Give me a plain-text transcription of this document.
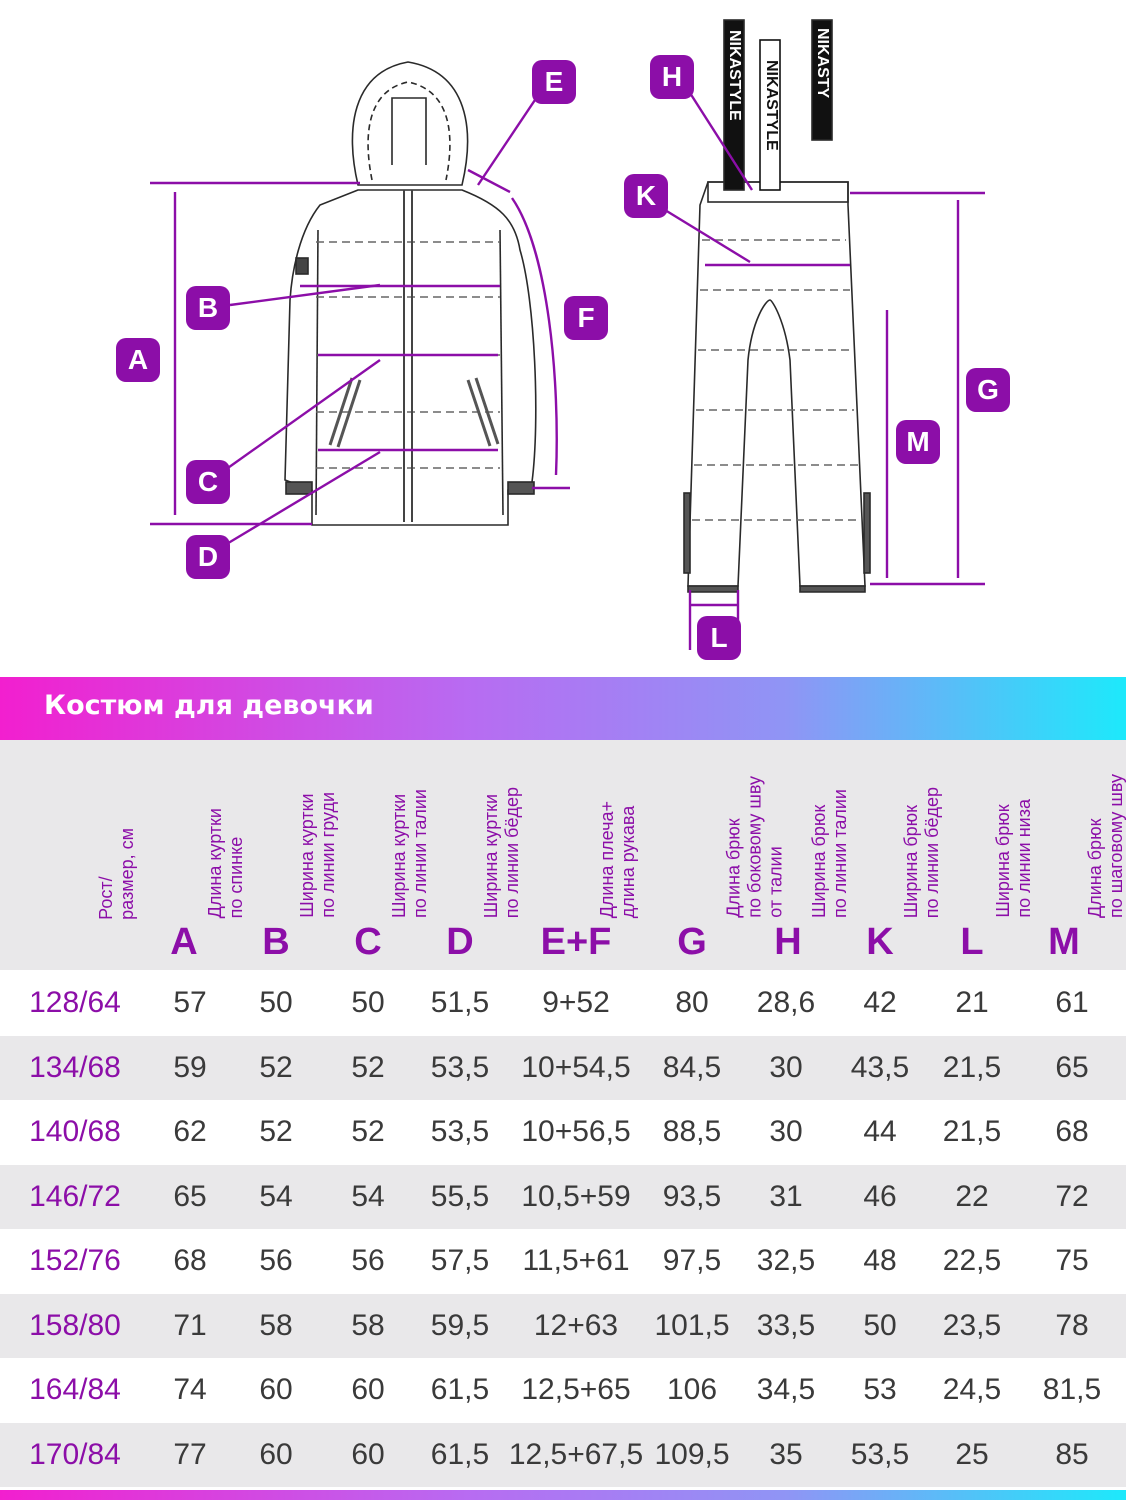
A
B
C
D
E
F
G
H
K
L
M
NIKASTYLE NIKASTYLE NIKASTY
Костюм для девочки
Рост/
размер, см
Длина куртки
по спинке
A
Ширина куртки
по линии груди
B
Ширина куртки
по линии талии
C
Ширина куртки
по линии бёдер
D
Длина плеча+
длина рукава
E+F
Длина брюк
по боковому шву
от талии
G
Ширина брюк
по линии талии
H
Ширина брюк
по линии бёдер
K
Ширина брюк
по линии низа
L
Длина брюк
по шаговому шву
M
128/64	57	50	50	51,5	9+52	80	28,6	42	21	61
134/68	59	52	52	53,5	10+54,5	84,5	30	43,5	21,5	65
140/68	62	52	52	53,5	10+56,5	88,5	30	44	21,5	68
146/72	65	54	54	55,5	10,5+59	93,5	31	46	22	72
152/76	68	56	56	57,5	11,5+61	97,5	32,5	48	22,5	75
158/80	71	58	58	59,5	12+63	101,5	33,5	50	23,5	78
164/84	74	60	60	61,5	12,5+65	106	34,5	53	24,5	81,5
170/84	77	60	60	61,5	12,5+67,5	109,5	35	53,5	25	85
